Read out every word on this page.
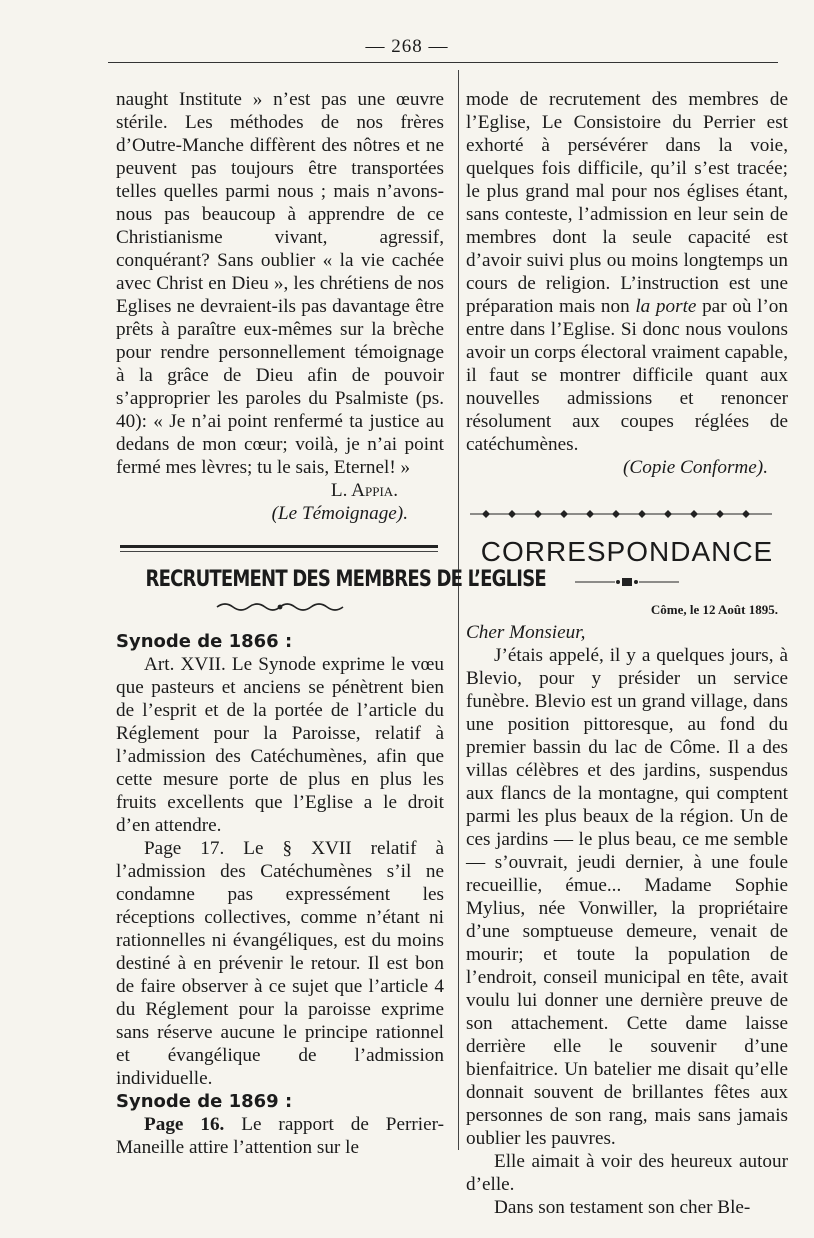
— 268 —

naught Institute » n’est pas une œuvre stérile. Les méthodes de nos frères d’Outre-Manche diffèrent des nôtres et ne peuvent pas toujours être transportées telles quelles parmi nous ; mais n’avons-nous pas beaucoup à apprendre de ce Christianisme vivant, agressif, conquérant? Sans oublier « la vie cachée avec Christ en Dieu », les chrétiens de nos Eglises ne devraient-ils pas davantage être prêts à paraître eux-mêmes sur la brèche pour rendre personnellement témoignage à la grâce de Dieu afin de pouvoir s’approprier les paroles du Psalmiste (ps. 40): « Je n’ai point renfermé ta justice au dedans de mon cœur; voilà, je n’ai point fermé mes lèvres; tu le sais, Eternel! »

L. Appia.

(Le Témoignage).

RECRUTEMENT DES MEMBRES DE L’EGLISE

Synode de 1866 :

Art. XVII. Le Synode exprime le vœu que pasteurs et anciens se pénètrent bien de l’esprit et de la portée de l’article du Réglement pour la Paroisse, relatif à l’admission des Catéchumènes, afin que cette mesure porte de plus en plus les fruits excellents que l’Eglise a le droit d’en attendre.

Page 17. Le § XVII relatif à l’admission des Catéchumènes s’il ne condamne pas expressément les réceptions collectives, comme n’étant ni rationnelles ni évangéliques, est du moins destiné à en prévenir le retour. Il est bon de faire observer à ce sujet que l’article 4 du Réglement pour la paroisse exprime sans réserve aucune le principe rationnel et évangélique de l’admission individuelle.

Synode de 1869 :

Page 16. Le rapport de Perrier-Maneille attire l’attention sur le

mode de recrutement des membres de l’Eglise, Le Consistoire du Perrier est exhorté à persévérer dans la voie, quelques fois difficile, qu’il s’est tracée; le plus grand mal pour nos églises étant, sans conteste, l’admission en leur sein de membres dont la seule capacité est d’avoir suivi plus ou moins longtemps un cours de religion. L’instruction est une préparation mais non la porte par où l’on entre dans l’Eglise. Si donc nous voulons avoir un corps électoral vraiment capable, il faut se montrer difficile quant aux nouvelles admissions et renoncer résolument aux coupes réglées de catéchumènes.

(Copie Conforme).

CORRESPONDANCE

Côme, le 12 Août 1895.

Cher Monsieur,

J’étais appelé, il y a quelques jours, à Blevio, pour y présider un service funèbre. Blevio est un grand village, dans une position pittoresque, au fond du premier bassin du lac de Côme. Il a des villas célèbres et des jardins, suspendus aux flancs de la montagne, qui comptent parmi les plus beaux de la région. Un de ces jardins — le plus beau, ce me semble — s’ouvrait, jeudi dernier, à une foule recueillie, émue... Madame Sophie Mylius, née Vonwiller, la propriétaire d’une somptueuse demeure, venait de mourir; et toute la population de l’endroit, conseil municipal en tête, avait voulu lui donner une dernière preuve de son attachement. Cette dame laisse derrière elle le souvenir d’une bienfaitrice. Un batelier me disait qu’elle donnait souvent de brillantes fêtes aux personnes de son rang, mais sans jamais oublier les pauvres.

Elle aimait à voir des heureux autour d’elle.

Dans son testament son cher Ble-
